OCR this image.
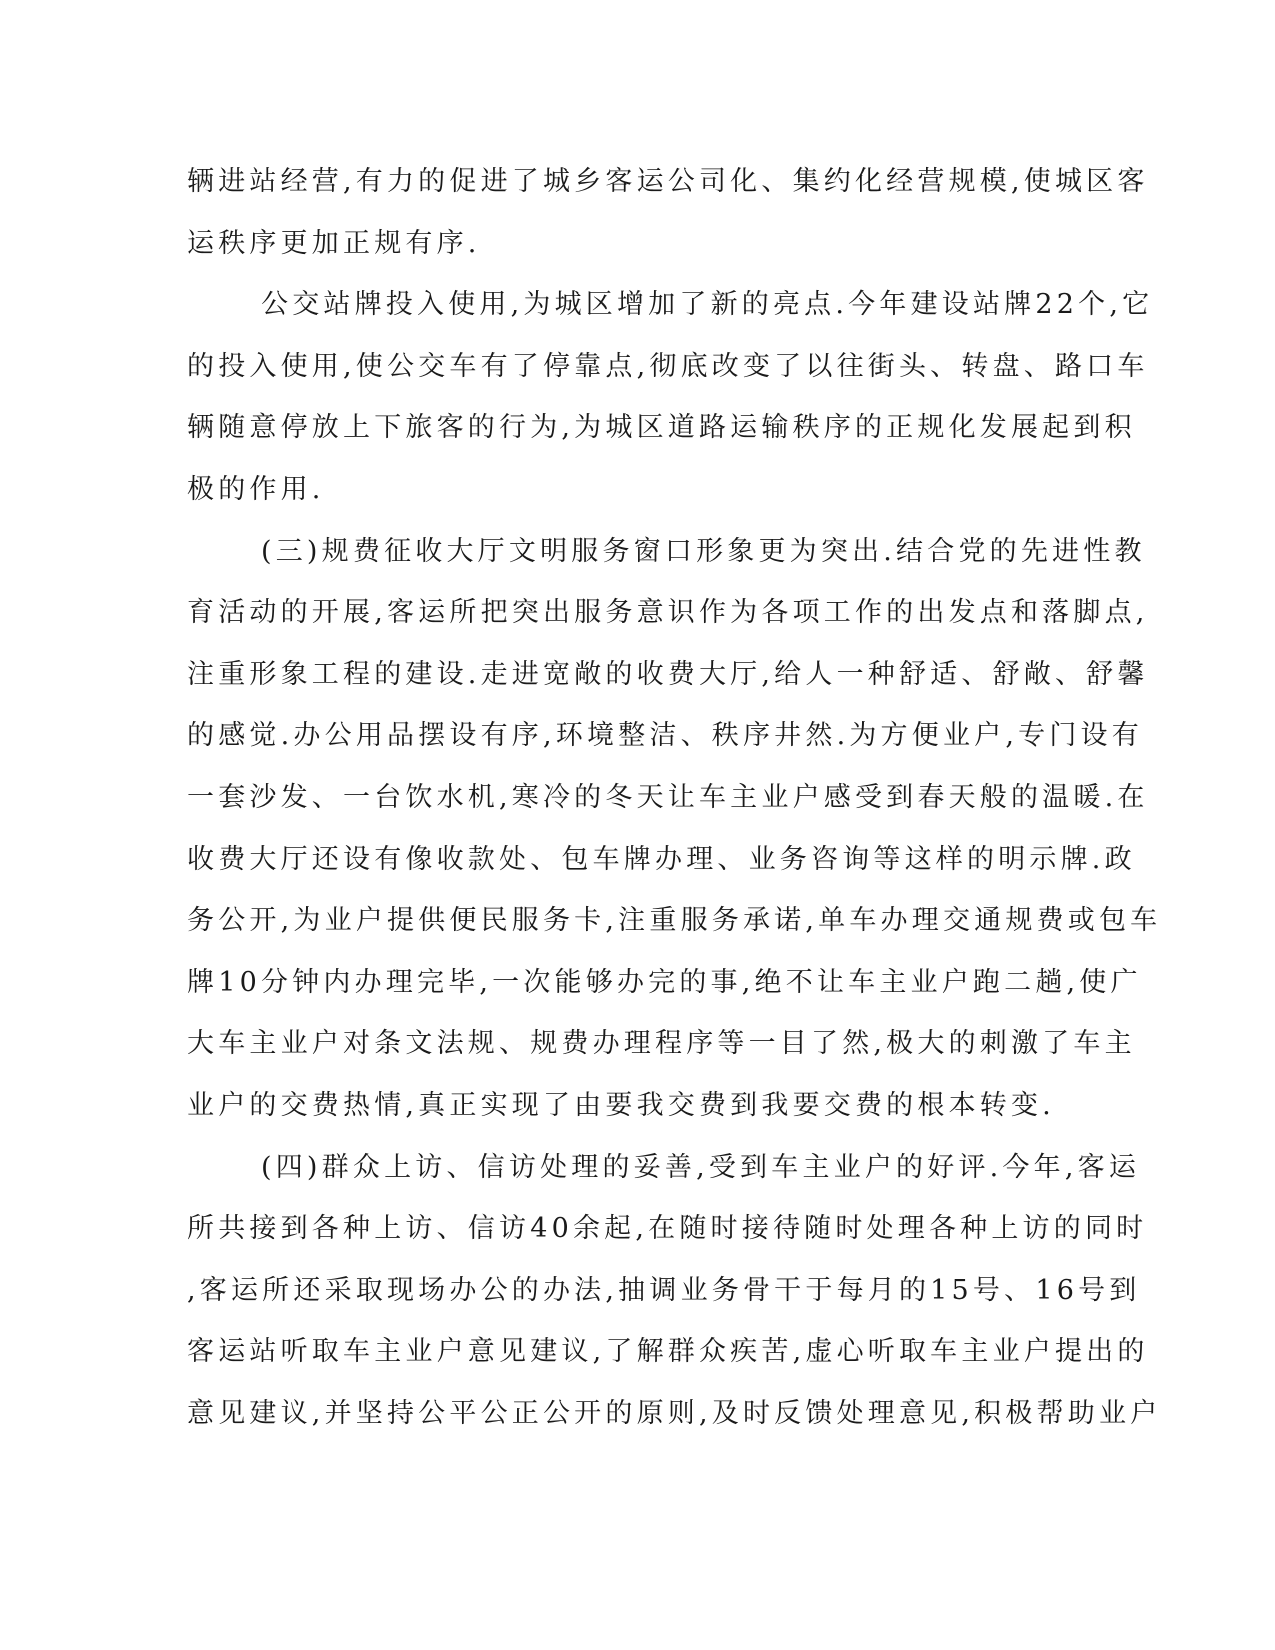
辆进站经营,有力的促进了城乡客运公司化、集约化经营规模,使城区客
运秩序更加正规有序.
公交站牌投入使用,为城区增加了新的亮点.今年建设站牌22个,它
的投入使用,使公交车有了停靠点,彻底改变了以往街头、转盘、路口车
辆随意停放上下旅客的行为,为城区道路运输秩序的正规化发展起到积
极的作用.
(三)规费征收大厅文明服务窗口形象更为突出.结合党的先进性教
育活动的开展,客运所把突出服务意识作为各项工作的出发点和落脚点,
注重形象工程的建设.走进宽敞的收费大厅,给人一种舒适、舒敞、舒馨
的感觉.办公用品摆设有序,环境整洁、秩序井然.为方便业户,专门设有
一套沙发、一台饮水机,寒冷的冬天让车主业户感受到春天般的温暖.在
收费大厅还设有像收款处、包车牌办理、业务咨询等这样的明示牌.政
务公开,为业户提供便民服务卡,注重服务承诺,单车办理交通规费或包车
牌10分钟内办理完毕,一次能够办完的事,绝不让车主业户跑二趟,使广
大车主业户对条文法规、规费办理程序等一目了然,极大的刺激了车主
业户的交费热情,真正实现了由要我交费到我要交费的根本转变.
(四)群众上访、信访处理的妥善,受到车主业户的好评.今年,客运
所共接到各种上访、信访40余起,在随时接待随时处理各种上访的同时
,客运所还采取现场办公的办法,抽调业务骨干于每月的15号、16号到
客运站听取车主业户意见建议,了解群众疾苦,虚心听取车主业户提出的
意见建议,并坚持公平公正公开的原则,及时反馈处理意见,积极帮助业户
